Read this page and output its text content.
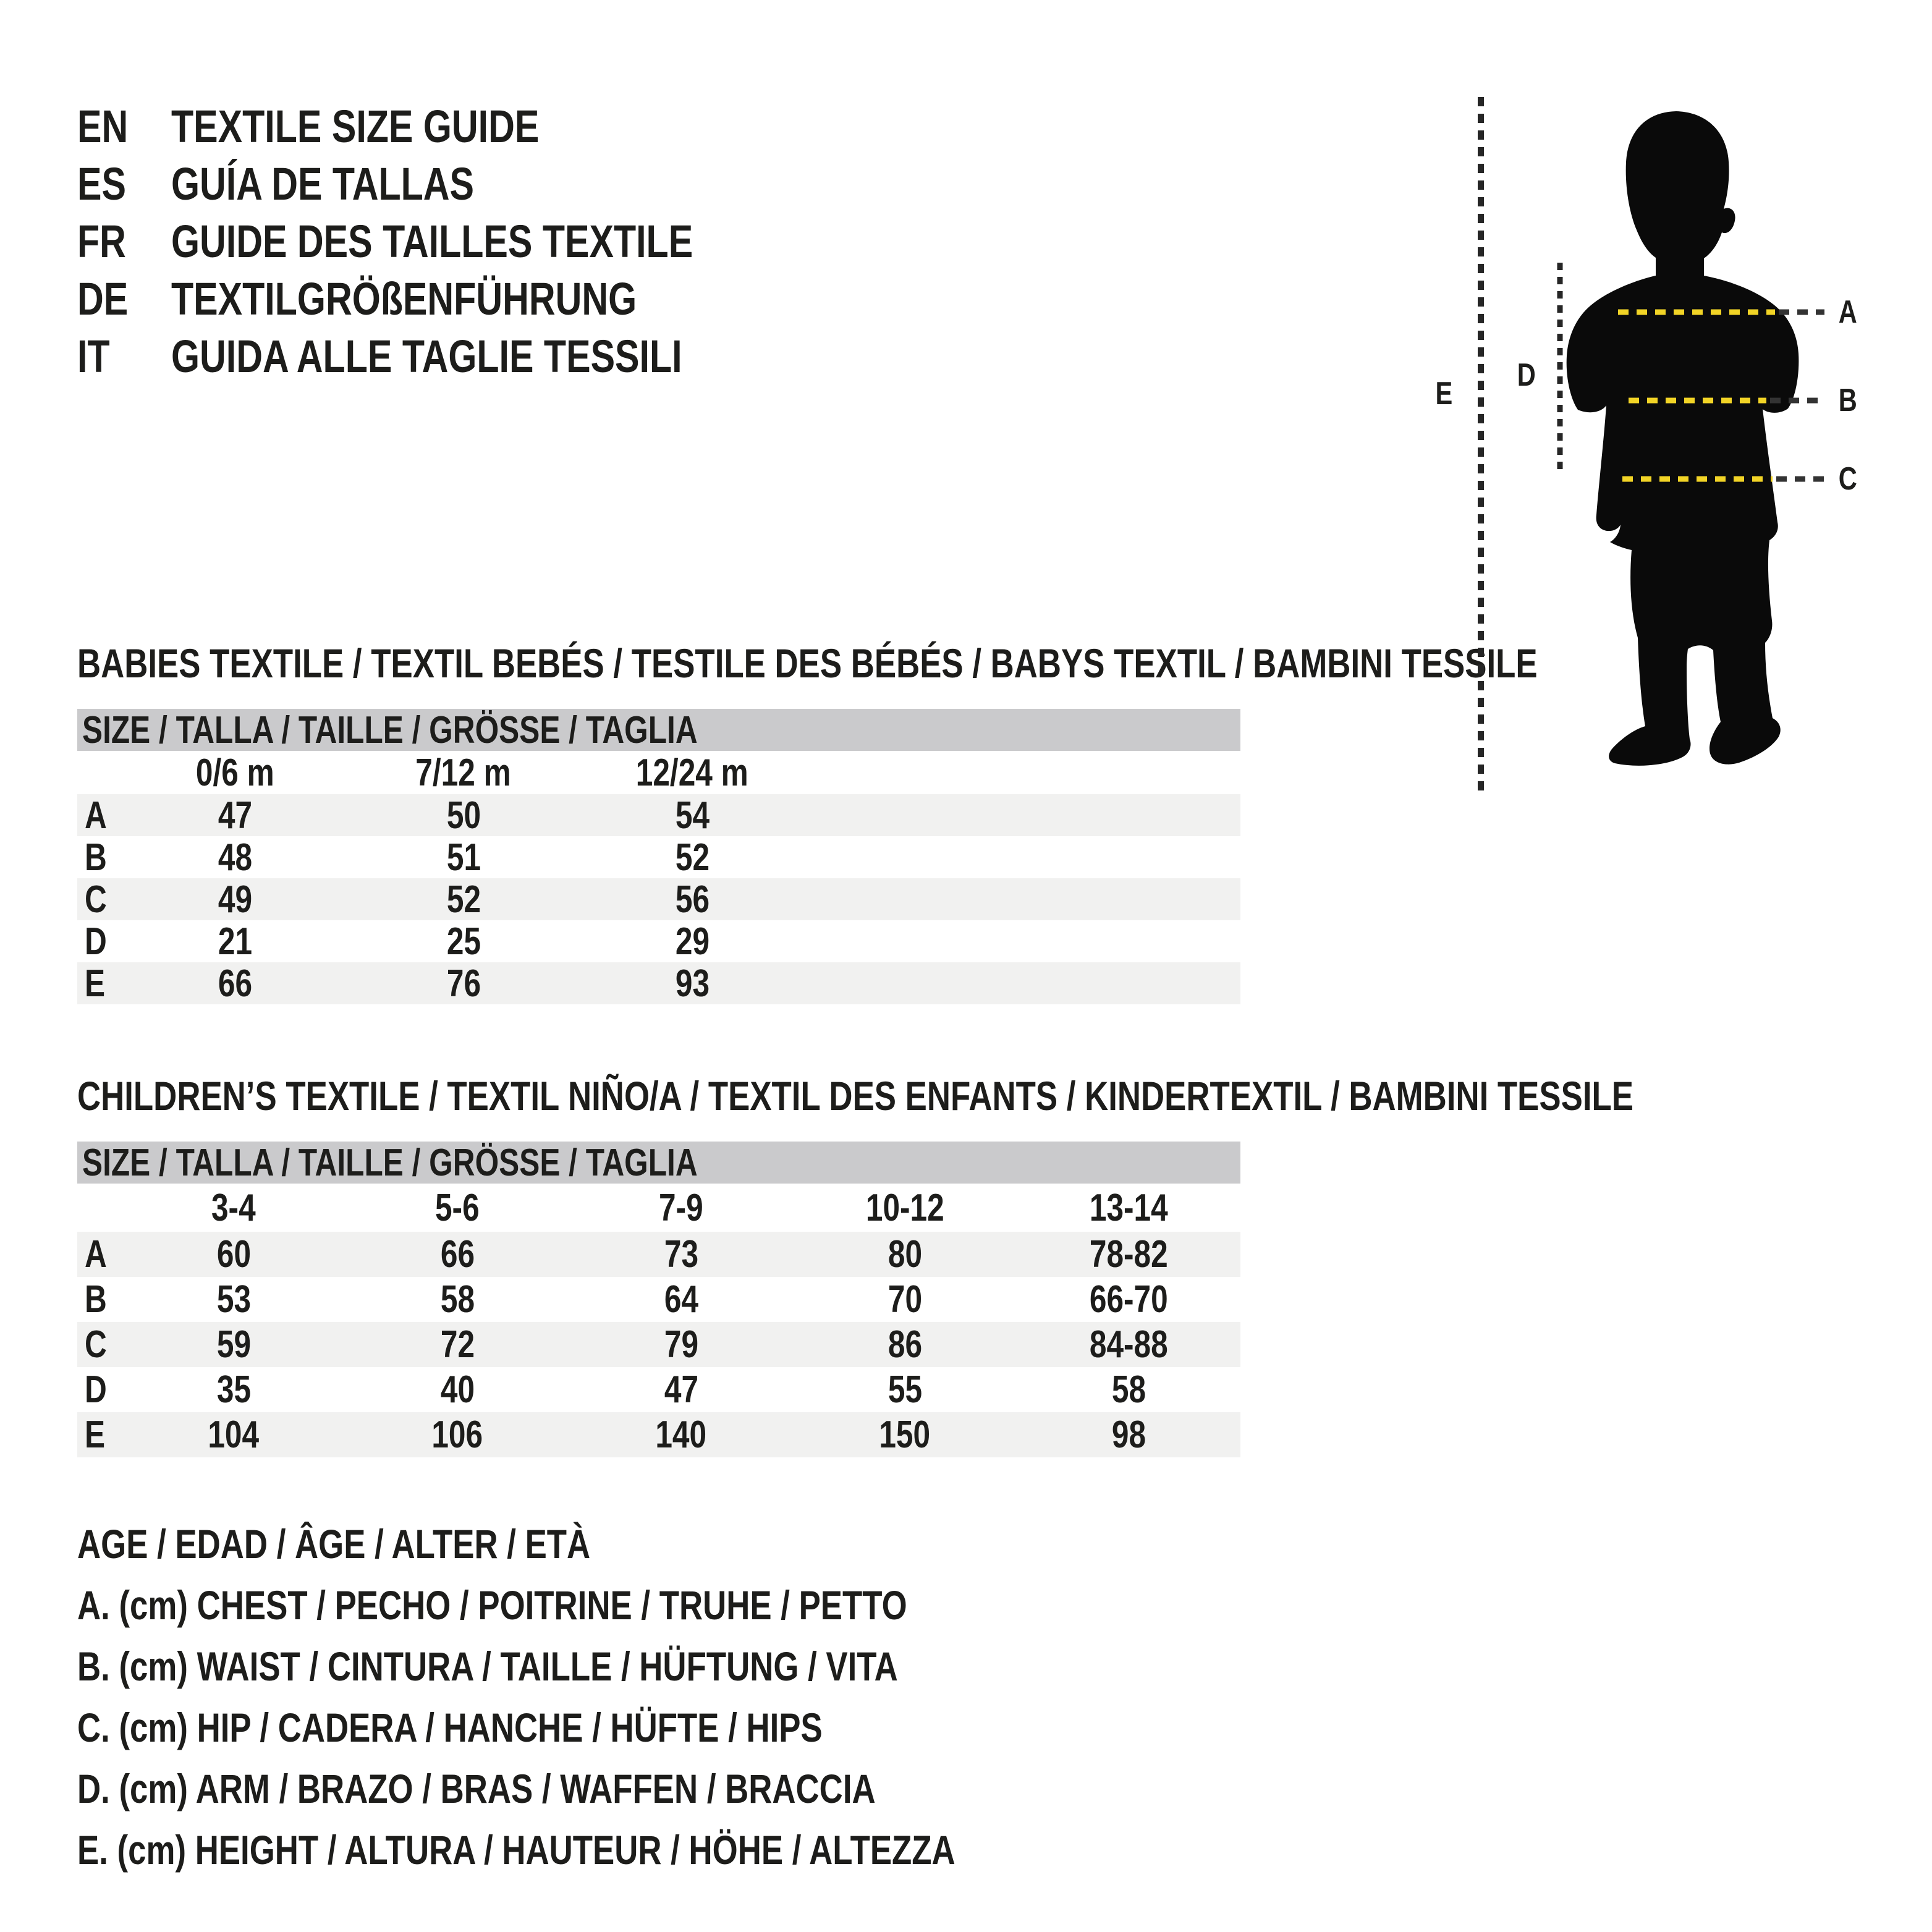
EN TEXTILE SIZE GUIDE
ES GUÍA DE TALLAS
FR GUIDE DES TAILLES TEXTILE
DE TEXTILGRÖßENFÜHRUNG
IT GUIDA ALLE TAGLIE TESSILI
BABIES TEXTILE / TEXTIL BEBÉS / TESTILE DES BÉBÉS / BABYS TEXTIL / BAMBINI TESSILE
SIZE / TALLA / TAILLE / GRÖSSE / TAGLIA
0/6 m	7/12 m	12/24 m
A	47	50	54
B	48	51	52
C	49	52	56
D	21	25	29
E	66	76	93
CHILDREN’S TEXTILE / TEXTIL NIÑO/A / TEXTIL DES ENFANTS / KINDERTEXTIL / BAMBINI TESSILE
SIZE / TALLA / TAILLE / GRÖSSE / TAGLIA
3-4	5-6	7-9	10-12	13-14
A	60	66	73	80	78-82
B	53	58	64	70	66-70
C	59	72	79	86	84-88
D	35	40	47	55	58
E	104	106	140	150	98
AGE / EDAD / ÂGE / ALTER / ETÀ
A. (cm) CHEST / PECHO / POITRINE / TRUHE / PETTO
B. (cm) WAIST / CINTURA / TAILLE / HÜFTUNG / VITA
C. (cm) HIP / CADERA / HANCHE / HÜFTE / HIPS
D. (cm) ARM / BRAZO / BRAS / WAFFEN / BRACCIA
E. (cm) HEIGHT / ALTURA / HAUTEUR / HÖHE / ALTEZZA
A
B
C
D
E
